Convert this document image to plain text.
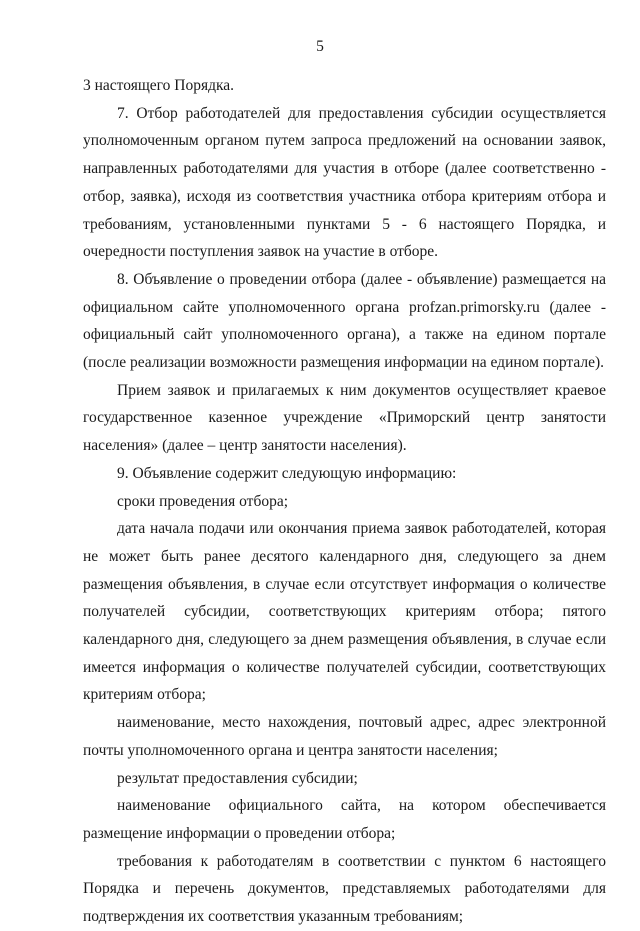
5

3 настоящего Порядка.

7. Отбор работодателей для предоставления субсидии осуществляется уполномоченным органом путем запроса предложений на основании заявок, направленных работодателями для участия в отборе (далее соответственно - отбор, заявка), исходя из соответствия участника отбора критериям отбора и требованиям, установленными пунктами 5 - 6 настоящего Порядка, и очередности поступления заявок на участие в отборе.

8. Объявление о проведении отбора (далее - объявление) размещается на официальном сайте уполномоченного органа profzan.primorsky.ru (далее - официальный сайт уполномоченного органа), а также на едином портале (после реализации возможности размещения информации на едином портале).

Прием заявок и прилагаемых к ним документов осуществляет краевое государственное казенное учреждение «Приморский центр занятости населения» (далее – центр занятости населения).

9. Объявление содержит следующую информацию:

сроки проведения отбора;

дата начала подачи или окончания приема заявок работодателей, которая не может быть ранее десятого календарного дня, следующего за днем размещения объявления, в случае если отсутствует информация о количестве получателей субсидии, соответствующих критериям отбора; пятого календарного дня, следующего за днем размещения объявления, в случае если имеется информация о количестве получателей субсидии, соответствующих критериям отбора;

наименование, место нахождения, почтовый адрес, адрес электронной почты уполномоченного органа и центра занятости населения;

результат предоставления субсидии;

наименование официального сайта, на котором обеспечивается размещение информации о проведении отбора;

требования к работодателям в соответствии с пунктом 6 настоящего Порядка и перечень документов, представляемых работодателями для подтверждения их соответствия указанным требованиям;
